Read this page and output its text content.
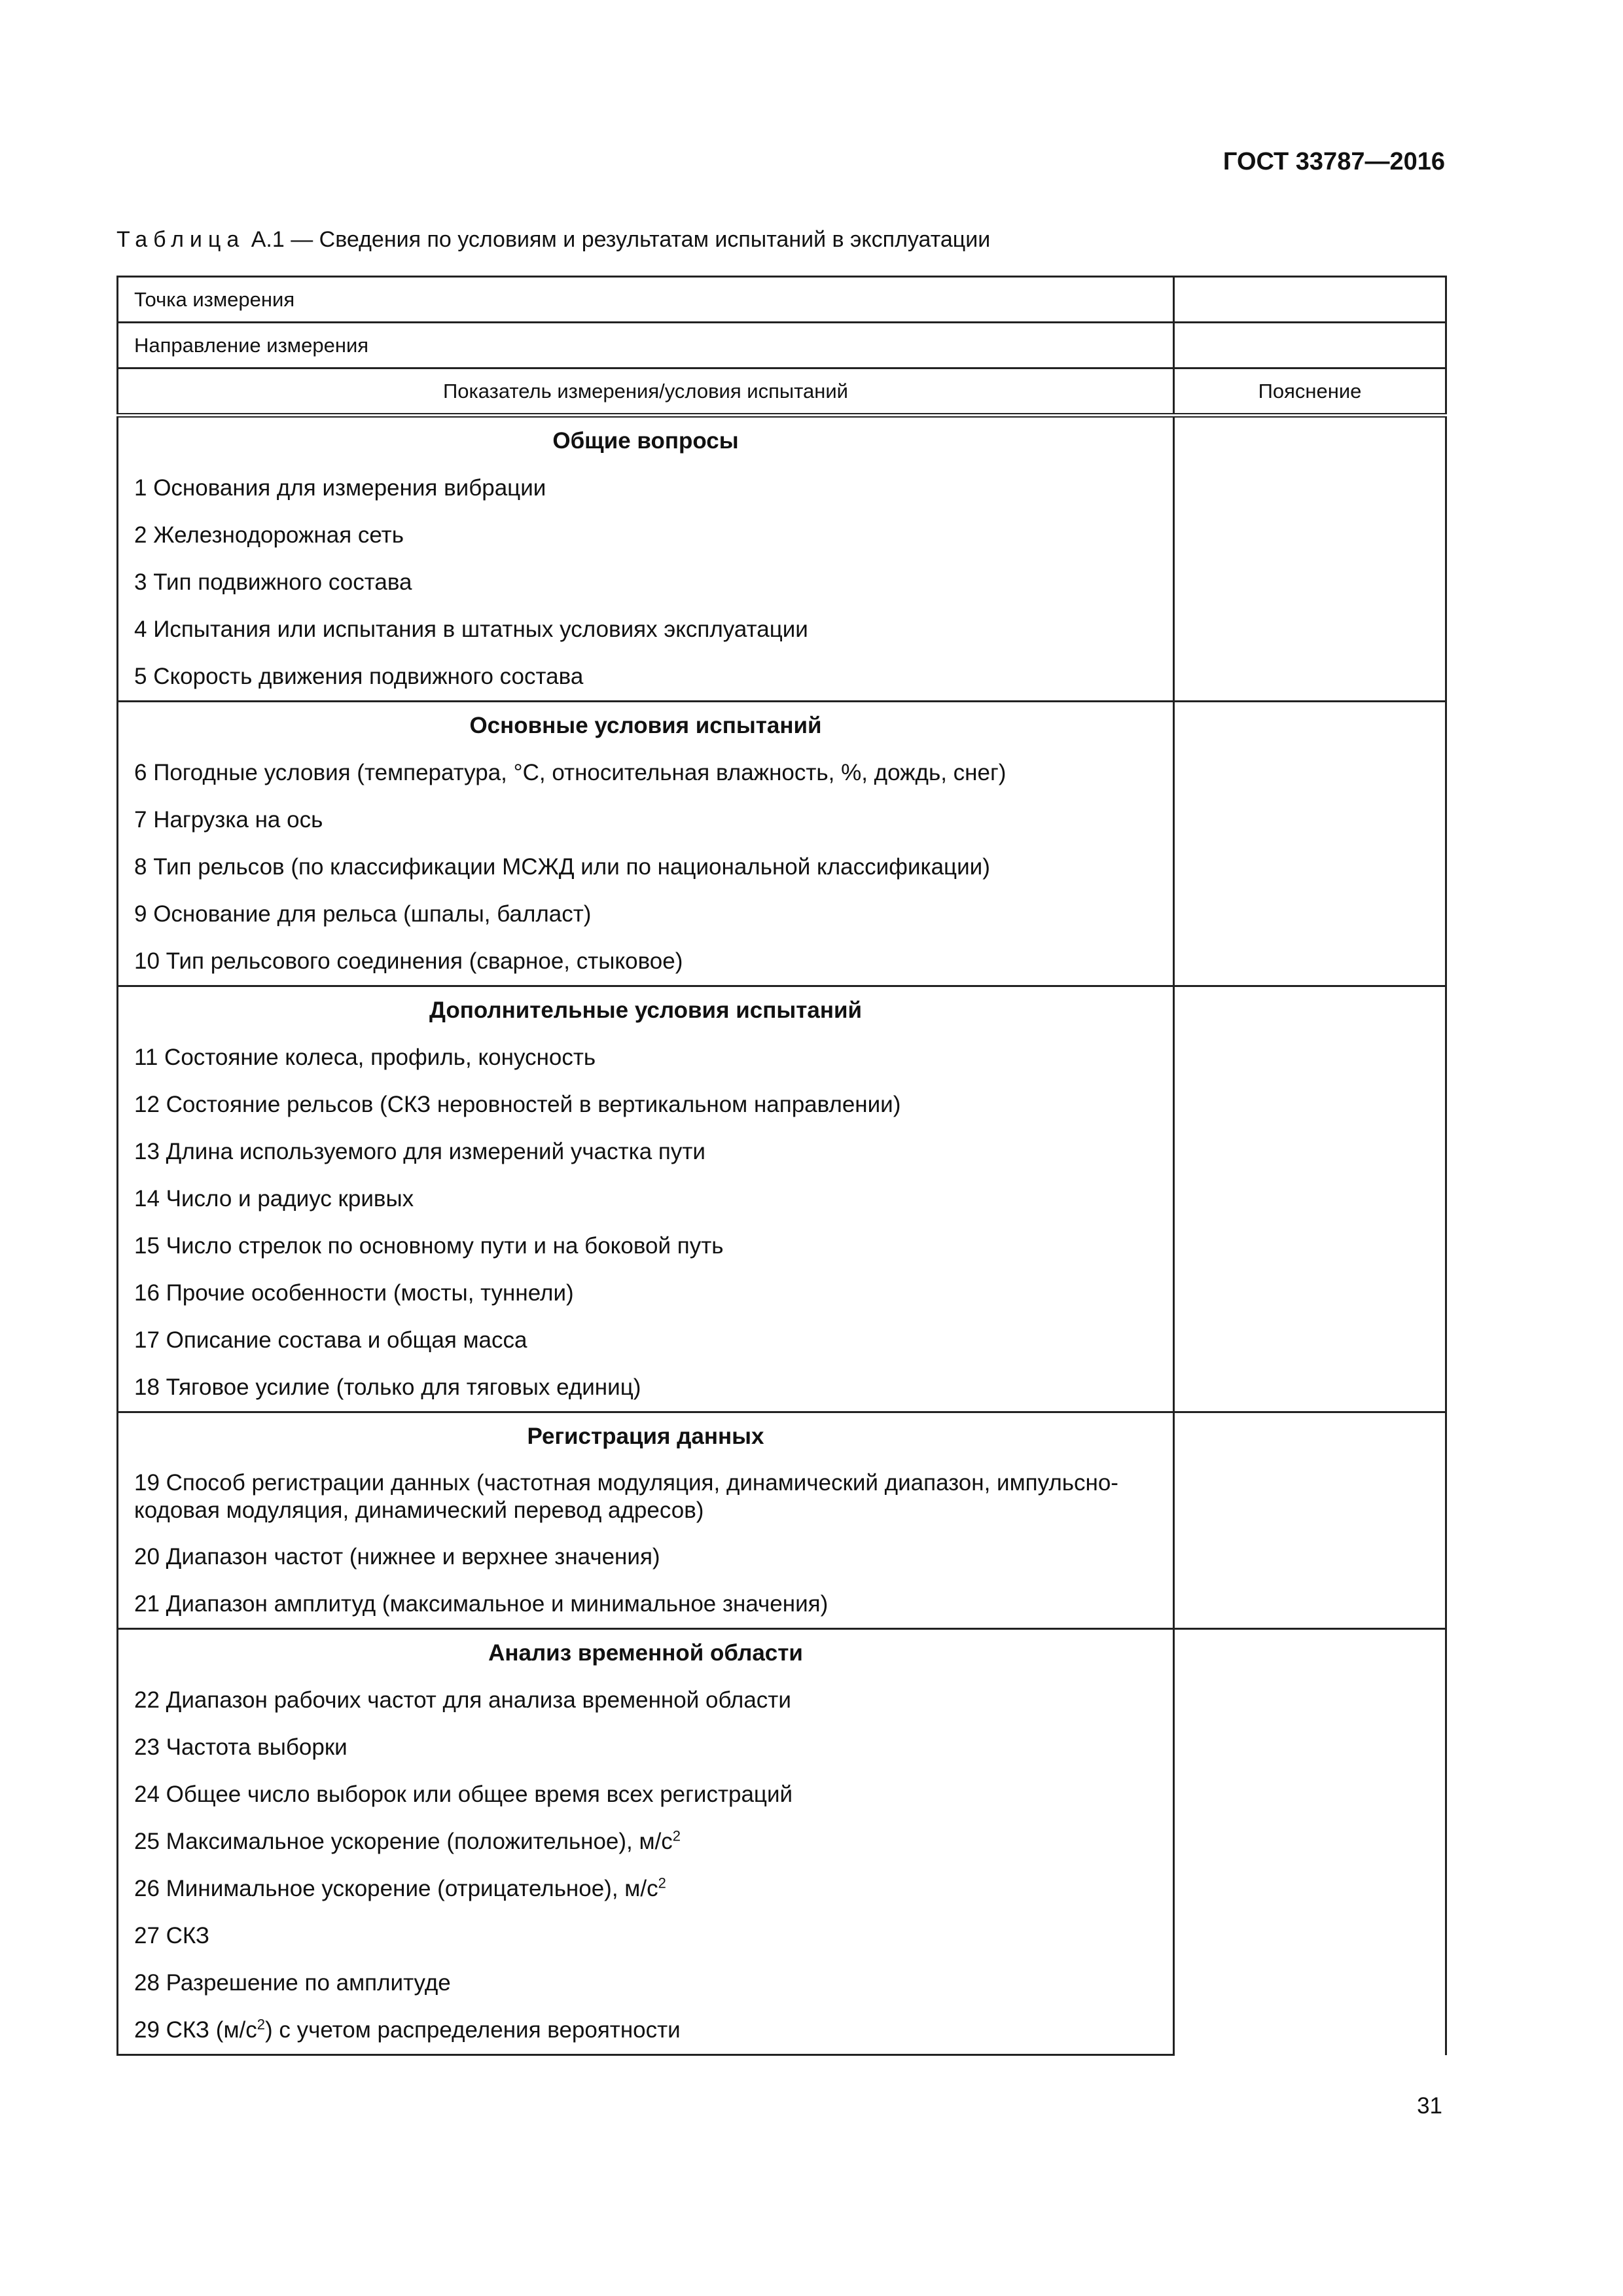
ГОСТ 33787—2016
Таблица А.1 — Сведения по условиям и результатам испытаний в эксплуатации
Точка измерения	
Направление измерения	
Показатель измерения/условия испытаний	Пояснение
Общие вопросы	
1 Основания для измерения вибрации	
2 Железнодорожная сеть	
3 Тип подвижного состава	
4 Испытания или испытания в штатных условиях эксплуатации	
5 Скорость движения подвижного состава	
Основные условия испытаний	
6 Погодные условия (температура, °С, относительная влажность, %, дождь, снег)	
7 Нагрузка на ось	
8 Тип рельсов (по классификации МСЖД или по национальной классификации)	
9 Основание для рельса (шпалы, балласт)	
10 Тип рельсового соединения (сварное, стыковое)	
Дополнительные условия испытаний	
11 Состояние колеса, профиль, конусность	
12 Состояние рельсов (СКЗ неровностей в вертикальном направлении)	
13 Длина используемого для измерений участка пути	
14 Число и радиус кривых	
15 Число стрелок по основному пути и на боковой путь	
16 Прочие особенности (мосты, туннели)	
17 Описание состава и общая масса	
18 Тяговое усилие (только для тяговых единиц)	
Регистрация данных	
19 Способ регистрации данных (частотная модуляция, динамический диапазон, импульсно-кодовая модуляция, динамический перевод адресов)	
20 Диапазон частот (нижнее и верхнее значения)	
21 Диапазон амплитуд (максимальное и минимальное значения)	
Анализ временной области	
22 Диапазон рабочих частот для анализа временной области	
23 Частота выборки	
24 Общее число выборок или общее время всех регистраций	
25 Максимальное ускорение (положительное), $м/с^2$
26 Минимальное ускорение (отрицательное), $м/с^2$
27 СКЗ	
28 Разрешение по амплитуде	
29 СКЗ $(м/с^2)$ с учетом распределения вероятности	
31
